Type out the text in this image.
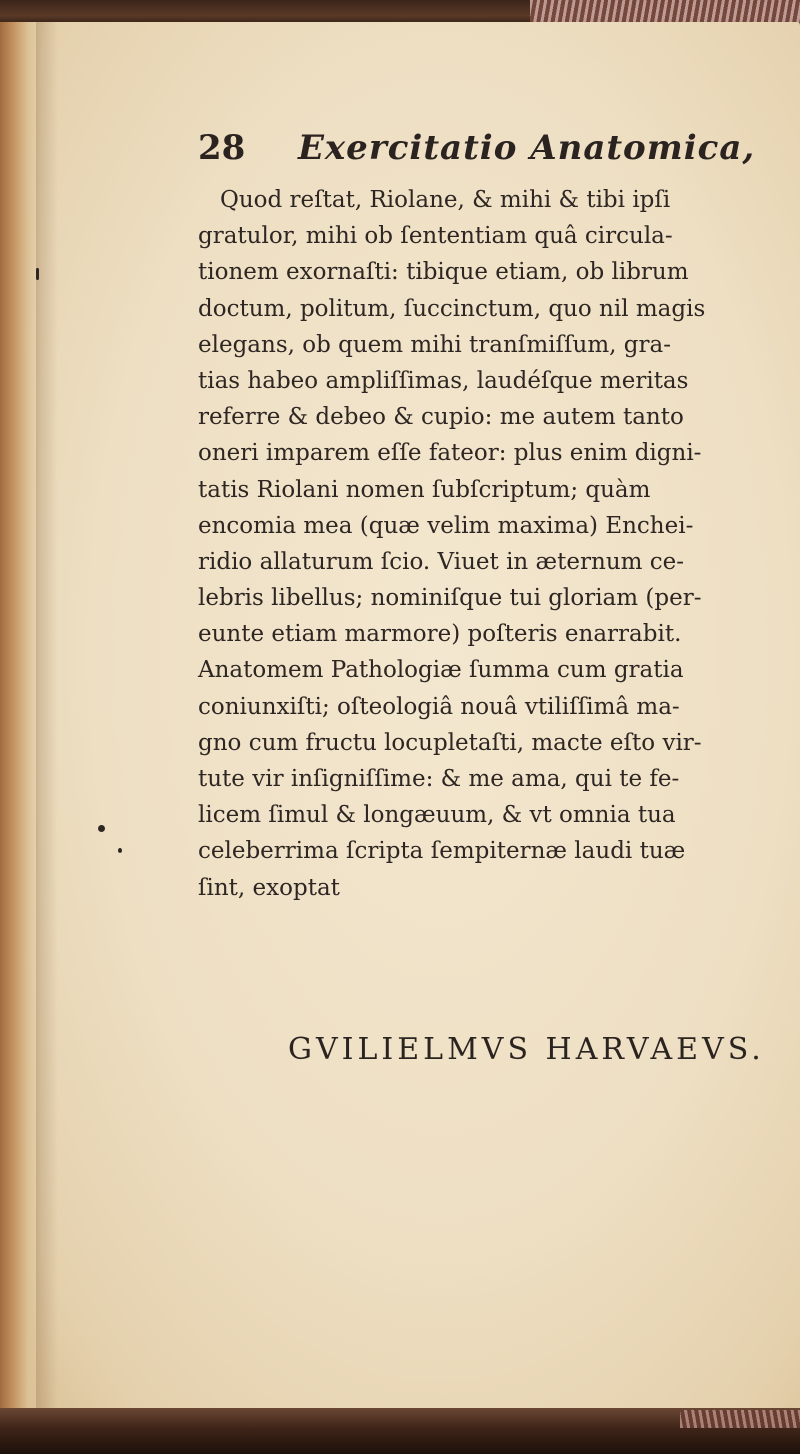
28 Exercitatio Anatomica,
Quod reſtat, Riolane, & mihi & tibi ipſi
gratulor, mihi ob ſententiam quâ circula-
tionem exornaſti: tibique etiam, ob librum
doctum, politum, ſuccinctum, quo nil magis
elegans, ob quem mihi tranſmiſſum, gra-
tias habeo ampliſſimas, laudéſque meritas
referre & debeo & cupio: me autem tanto
oneri imparem eſſe fateor: plus enim digni-
tatis Riolani nomen ſubſcriptum; quàm
encomia mea (quæ velim maxima) Enchei-
ridio allaturum ſcio. Viuet in æternum ce-
lebris libellus; nominiſque tui gloriam (per-
eunte etiam marmore) poſteris enarrabit.
Anatomem Pathologiæ ſumma cum gratia
coniunxiſti; oſteologiâ nouâ vtiliſſimâ ma-
gno cum fructu locupletaſti, macte eſto vir-
tute vir inſigniſſime: & me ama, qui te fe-
licem ſimul & longæuum, & vt omnia tua
celeberrima ſcripta ſempiternæ laudi tuæ
ſint, exoptat
GVILIELMVS HARVAEVS.
